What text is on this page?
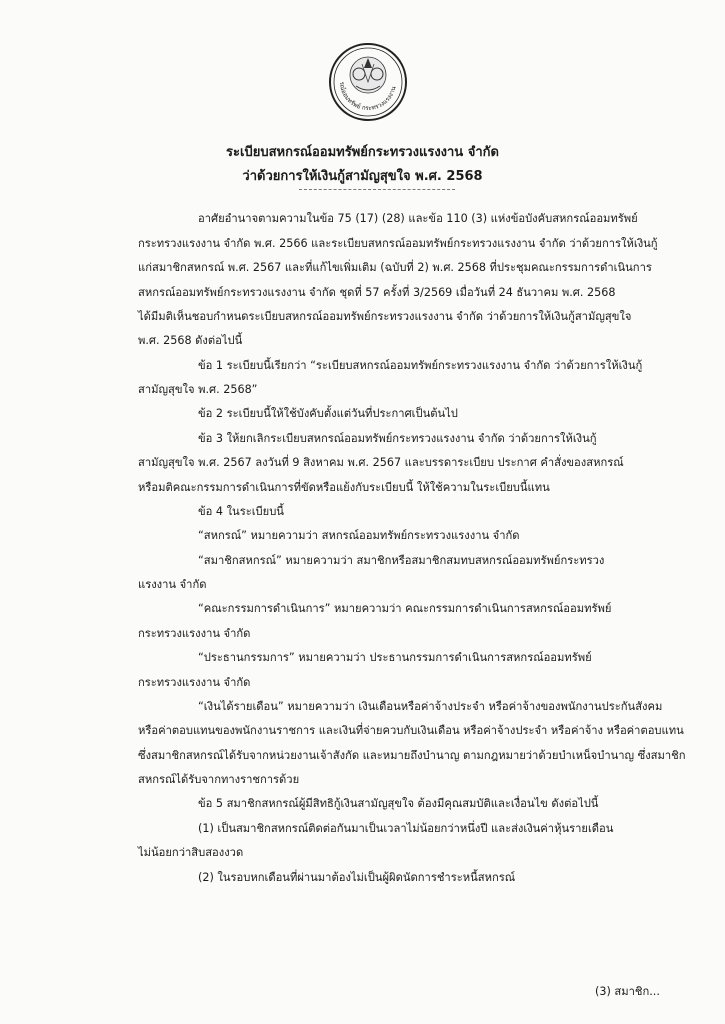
รณ์ออมทรัพย์ กระทรวงแรงงาน
ระเบียบสหกรณ์ออมทรัพย์กระทรวงแรงงาน จำกัด
ว่าด้วยการให้เงินกู้สามัญสุขใจ พ.ศ. 2568
อาศัยอำนาจตามความในข้อ 75 (17) (28) และข้อ 110 (3) แห่งข้อบังคับสหกรณ์ออมทรัพย์
กระทรวงแรงงาน จำกัด พ.ศ. 2566 และระเบียบสหกรณ์ออมทรัพย์กระทรวงแรงงาน จำกัด ว่าด้วยการให้เงินกู้
แก่สมาชิกสหกรณ์ พ.ศ. 2567 และที่แก้ไขเพิ่มเติม (ฉบับที่ 2) พ.ศ. 2568 ที่ประชุมคณะกรรมการดำเนินการ
สหกรณ์ออมทรัพย์กระทรวงแรงงาน จำกัด ชุดที่ 57 ครั้งที่ 3/2569 เมื่อวันที่ 24 ธันวาคม พ.ศ. 2568
ได้มีมติเห็นชอบกำหนดระเบียบสหกรณ์ออมทรัพย์กระทรวงแรงงาน จำกัด ว่าด้วยการให้เงินกู้สามัญสุขใจ
พ.ศ. 2568 ดังต่อไปนี้
ข้อ 1 ระเบียบนี้เรียกว่า “ระเบียบสหกรณ์ออมทรัพย์กระทรวงแรงงาน จำกัด ว่าด้วยการให้เงินกู้
สามัญสุขใจ พ.ศ. 2568”
ข้อ 2 ระเบียบนี้ให้ใช้บังคับตั้งแต่วันที่ประกาศเป็นต้นไป
ข้อ 3 ให้ยกเลิกระเบียบสหกรณ์ออมทรัพย์กระทรวงแรงงาน จำกัด ว่าด้วยการให้เงินกู้
สามัญสุขใจ พ.ศ. 2567 ลงวันที่ 9 สิงหาคม พ.ศ. 2567 และบรรดาระเบียบ ประกาศ คำสั่งของสหกรณ์
หรือมติคณะกรรมการดำเนินการที่ขัดหรือแย้งกับระเบียบนี้ ให้ใช้ความในระเบียบนี้แทน
ข้อ 4 ในระเบียบนี้
“สหกรณ์” หมายความว่า สหกรณ์ออมทรัพย์กระทรวงแรงงาน จำกัด
“สมาชิกสหกรณ์” หมายความว่า สมาชิกหรือสมาชิกสมทบสหกรณ์ออมทรัพย์กระทรวง
แรงงาน จำกัด
“คณะกรรมการดำเนินการ” หมายความว่า คณะกรรมการดำเนินการสหกรณ์ออมทรัพย์
กระทรวงแรงงาน จำกัด
“ประธานกรรมการ” หมายความว่า ประธานกรรมการดำเนินการสหกรณ์ออมทรัพย์
กระทรวงแรงงาน จำกัด
“เงินได้รายเดือน” หมายความว่า เงินเดือนหรือค่าจ้างประจำ หรือค่าจ้างของพนักงานประกันสังคม
หรือค่าตอบแทนของพนักงานราชการ และเงินที่จ่ายควบกับเงินเดือน หรือค่าจ้างประจำ หรือค่าจ้าง หรือค่าตอบแทน
ซึ่งสมาชิกสหกรณ์ได้รับจากหน่วยงานเจ้าสังกัด และหมายถึงบำนาญ ตามกฎหมายว่าด้วยบำเหน็จบำนาญ ซึ่งสมาชิก
สหกรณ์ได้รับจากทางราชการด้วย
ข้อ 5 สมาชิกสหกรณ์ผู้มีสิทธิกู้เงินสามัญสุขใจ ต้องมีคุณสมบัติและเงื่อนไข ดังต่อไปนี้
(1) เป็นสมาชิกสหกรณ์ติดต่อกันมาเป็นเวลาไม่น้อยกว่าหนึ่งปี และส่งเงินค่าหุ้นรายเดือน
ไม่น้อยกว่าสิบสองงวด
(2) ในรอบหกเดือนที่ผ่านมาต้องไม่เป็นผู้ผิดนัดการชำระหนี้สหกรณ์
(3) สมาชิก...
